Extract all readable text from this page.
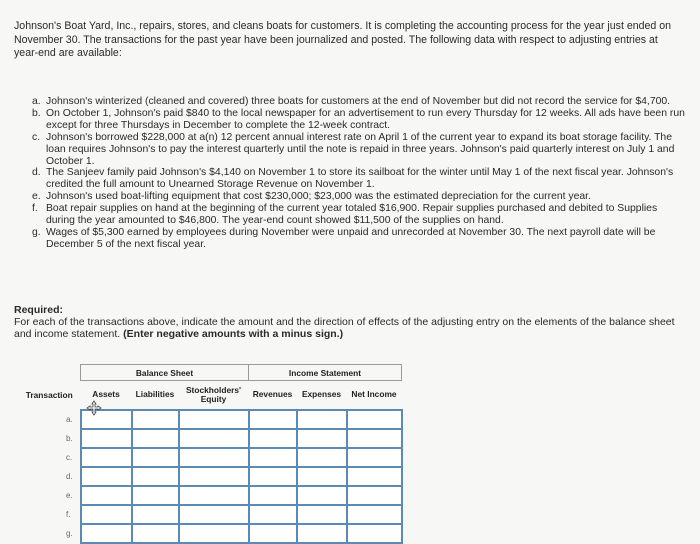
Johnson's Boat Yard, Inc., repairs, stores, and cleans boats for customers. It is completing the accounting process for the year just ended on November 30. The transactions for the past year have been journalized and posted. The following data with respect to adjusting entries at year-end are available:
a. Johnson's winterized (cleaned and covered) three boats for customers at the end of November but did not record the service for $4,700.
b. On October 1, Johnson's paid $840 to the local newspaper for an advertisement to run every Thursday for 12 weeks. All ads have been run except for three Thursdays in December to complete the 12-week contract.
c. Johnson's borrowed $228,000 at a(n) 12 percent annual interest rate on April 1 of the current year to expand its boat storage facility. The loan requires Johnson's to pay the interest quarterly until the note is repaid in three years. Johnson's paid quarterly interest on July 1 and October 1.
d. The Sanjeev family paid Johnson's $4,140 on November 1 to store its sailboat for the winter until May 1 of the next fiscal year. Johnson's credited the full amount to Unearned Storage Revenue on November 1.
e. Johnson's used boat-lifting equipment that cost $230,000; $23,000 was the estimated depreciation for the current year.
f. Boat repair supplies on hand at the beginning of the current year totaled $16,900. Repair supplies purchased and debited to Supplies during the year amounted to $46,800. The year-end count showed $11,500 of the supplies on hand.
g. Wages of $5,300 earned by employees during November were unpaid and unrecorded at November 30. The next payroll date will be December 5 of the next fiscal year.
Required:
For each of the transactions above, indicate the amount and the direction of effects of the adjusting entry on the elements of the balance sheet and income statement. (Enter negative amounts with a minus sign.)
	Balance Sheet			Income Statement		
Transaction	Assets	Liabilities	Stockholders' Equity	Revenues	Expenses	Net Income
a.						
b.						
c.						
d.						
e.						
f.						
g.						
